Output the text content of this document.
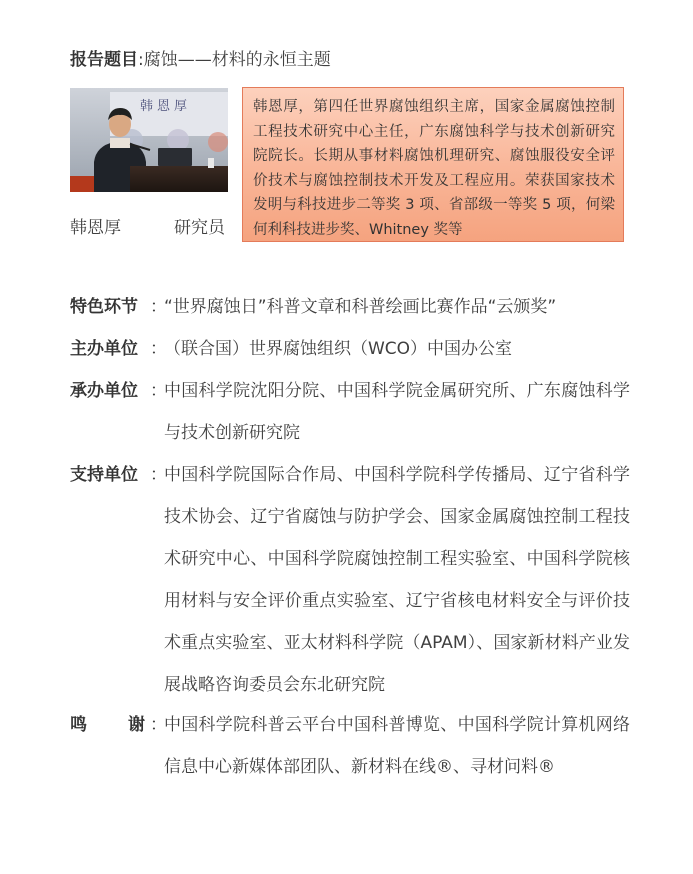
报告题目:腐蚀——材料的永恒主题
韩恩厚
韩恩厚	研究员
韩恩厚，第四任世界腐蚀组织主席，国家金属腐蚀控制工程技术研究中心主任，广东腐蚀科学与技术创新研究院院长。长期从事材料腐蚀机理研究、腐蚀服役安全评价技术与腐蚀控制技术开发及工程应用。荣获国家技术发明与科技进步二等奖 3 项、省部级一等奖 5 项，何梁何利科技进步奖、Whitney 奖等
特色环节 ：
“世界腐蚀日”科普文章和科普绘画比赛作品“云颁奖”
主办单位 ：
（联合国）世界腐蚀组织（WCO）中国办公室
承办单位 ：
中国科学院沈阳分院、中国科学院金属研究所、广东腐蚀科学与技术创新研究院
支持单位 ：
中国科学院国际合作局、中国科学院科学传播局、辽宁省科学技术协会、辽宁省腐蚀与防护学会、国家金属腐蚀控制工程技术研究中心、中国科学院腐蚀控制工程实验室、中国科学院核用材料与安全评价重点实验室、辽宁省核电材料安全与评价技术重点实验室、亚太材料科学院（APAM）、国家新材料产业发展战略咨询委员会东北研究院
鸣 谢 ：
中国科学院科普云平台中国科普博览、中国科学院计算机网络信息中心新媒体部团队、新材料在线®、寻材问料®
